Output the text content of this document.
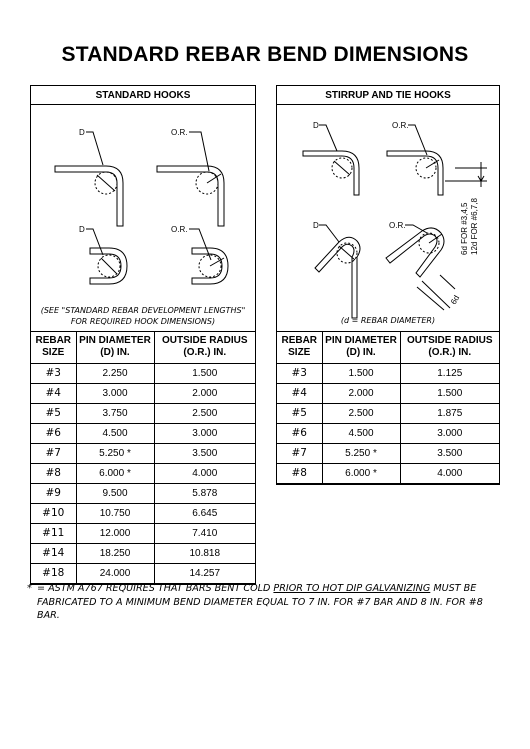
STANDARD REBAR BEND DIMENSIONS
STANDARD HOOKS
D	O.R.
D	O.R.
(SEE "STANDARD REBAR DEVELOPMENT LENGTHS"
FOR REQUIRED HOOK DIMENSIONS)
REBAR SIZE	PIN DIAMETER (D) IN.	OUTSIDE RADIUS (O.R.) IN.
#3	2.250	1.500
#4	3.000	2.000
#5	3.750	2.500
#6	4.500	3.000
#7	5.250 *	3.500
#8	6.000 *	4.000
#9	9.500	5.878
#10	10.750	6.645
#11	12.000	7.410
#14	18.250	10.818
#18	24.000	14.257
STIRRUP AND TIE HOOKS
D	O.R.
D	O.R.	6d FOR #3,4,5 12d FOR #6,7,8
6d
(d = REBAR DIAMETER)
REBAR SIZE	PIN DIAMETER (D) IN.	OUTSIDE RADIUS (O.R.) IN.
#3	1.500	1.125
#4	2.000	1.500
#5	2.500	1.875
#6	4.500	3.000
#7	5.250 *	3.500
#8	6.000 *	4.000
* = ASTM A767 REQUIRES THAT BARS BENT COLD PRIOR TO HOT DIP GALVANIZING MUST BE FABRICATED TO A MINIMUM BEND DIAMETER EQUAL TO 7 IN. FOR #7 BAR AND 8 IN. FOR #8 BAR.
